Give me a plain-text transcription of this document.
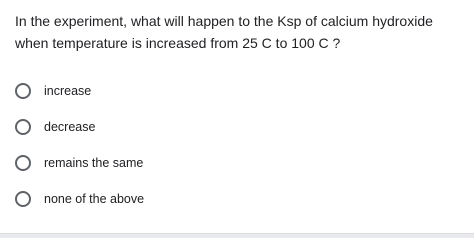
In the experiment, what will happen to the Ksp of calcium hydroxide when temperature is increased from 25 C to 100 C ?

increase
decrease
remains the same
none of the above
